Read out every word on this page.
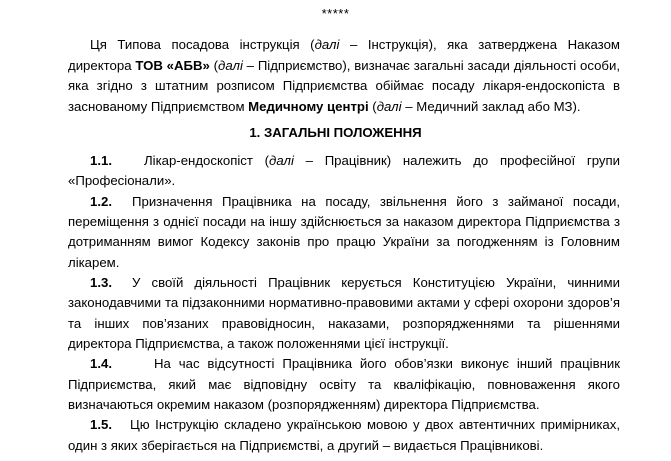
*****
Ця Типова посадова інструкція (далі – Інструкція), яка затверджена Наказом директора ТОВ «АБВ» (далі – Підприємство), визначає загальні засади діяльності особи, яка згідно з штатним розписом Підприємства обіймає посаду лікаря-ендоскопіста в заснованому Підприємством Медичному центрі (далі – Медичний заклад або МЗ).
1. ЗАГАЛЬНІ ПОЛОЖЕННЯ

1.1. Лікар-ендоскопіст (далі – Працівник) належить до професійної групи «Професіонали».

1.2. Призначення Працівника на посаду, звільнення його з займаної посади, переміщення з однієї посади на іншу здійснюється за наказом директора Підприємства з дотриманням вимог Кодексу законів про працю України за погодженням із Головним лікарем.

1.3. У своїй діяльності Працівник керується Конституцією України, чинними законодавчими та підзаконними нормативно-правовими актами у сфері охорони здоров’я та інших пов’язаних правовідносин, наказами, розпорядженнями та рішеннями директора Підприємства, а також положеннями цієї інструкції.

1.4.	На час відсутності Працівника його обов’язки виконує інший працівник Підприємства, який має відповідну освіту та кваліфікацію, повноваження якого визначаються окремим наказом (розпорядженням) директора Підприємства.

1.5. Цю Інструкцію складено українською мовою у двох автентичних примірниках, один з яких зберігається на Підприємстві, а другий – видається Працівникові.
